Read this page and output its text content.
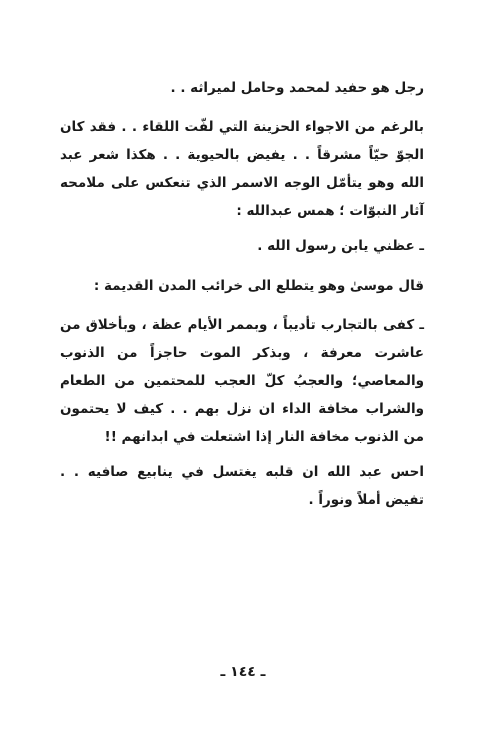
رجل هو حفيد لمحمد وحامل لميراثه . .

بالرغم من الاجواء الحزينة التي لفّت اللقاء . . فقد كان الجوّ حيّاً مشرقاً . . يفيض بالحيوية . . هكذا شعر عبد الله وهو يتأمّل الوجه الاسمر الذي تنعكس على ملامحه آثار النبوّات ؛ همس عبدالله :

ـ عظني يابن رسول الله .

قال موسىٰ وهو يتطلع الى خرائب المدن القديمة :

ـ كفى بالتجارب تأديباً ، وبممر الأيام عظة ، وبأخلاق من عاشرت معرفة ، وبذكر الموت حاجزاً من الذنوب والمعاصي؛ والعجبُ كلّ العجب للمحتمين من الطعام والشراب مخافة الداء ان نزل بهم . . كيف لا يحتمون من الذنوب مخافة النار إذا اشتعلت في ابدانهم !!

احس عبد الله ان قلبه يغتسل في ينابيع صافيه . . تفيض أملاً ونوراً .

ـ ١٤٤ ـ
